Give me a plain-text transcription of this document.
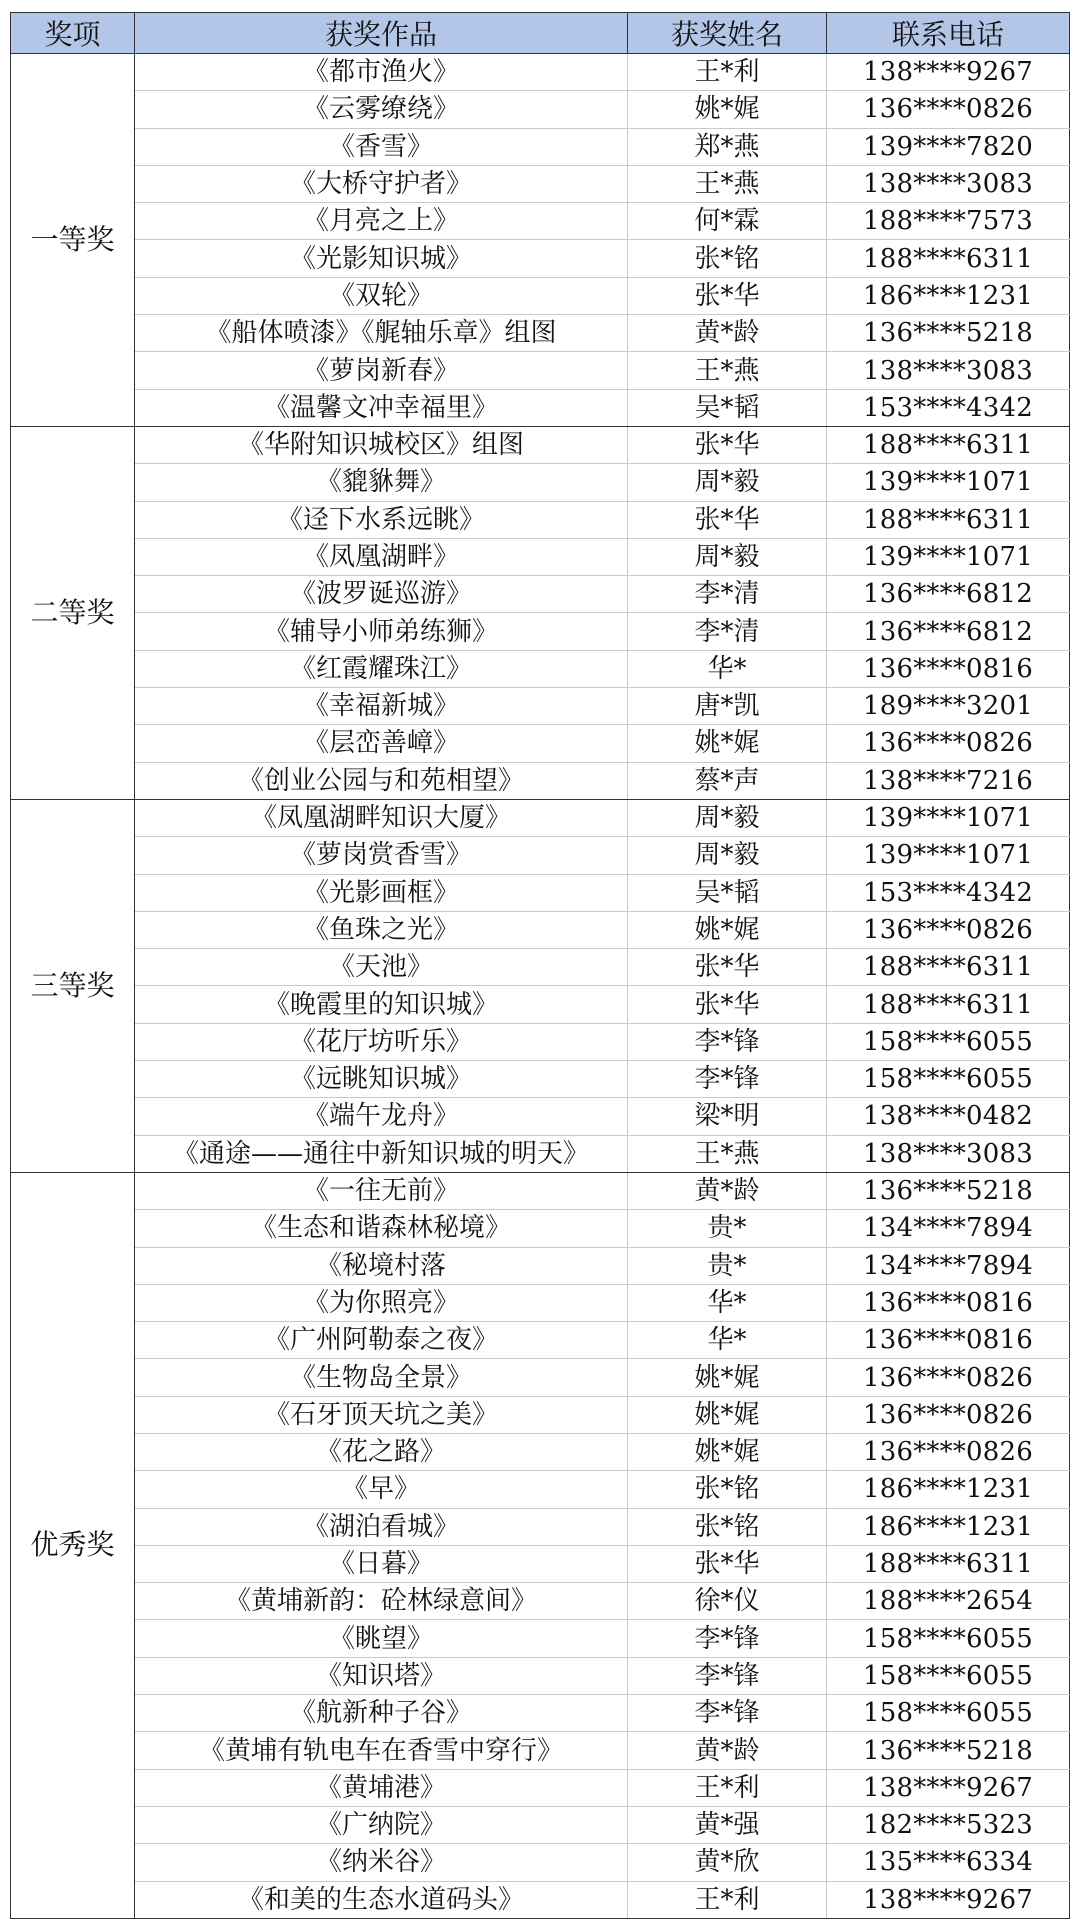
奖项	获奖作品	获奖姓名	联系电话
一等奖	《都市渔火》	王*利	138****9267
	《云雾缭绕》	姚*娓	136****0826
	《香雪》	郑*燕	139****7820
	《大桥守护者》	王*燕	138****3083
	《月亮之上》	何*霖	188****7573
	《光影知识城》	张*铭	188****6311
	《双轮》	张*华	186****1231
	《船体喷漆》《艉轴乐章》组图	黄*龄	136****5218
	《萝岗新春》	王*燕	138****3083
	《温馨文冲幸福里》	吴*韬	153****4342
二等奖	《华附知识城校区》组图	张*华	188****6311
	《貔貅舞》	周*毅	139****1071
	《迳下水系远眺》	张*华	188****6311
	《凤凰湖畔》	周*毅	139****1071
	《波罗诞巡游》	李*清	136****6812
	《辅导小师弟练狮》	李*清	136****6812
	《红霞耀珠江》	华*	136****0816
	《幸福新城》	唐*凯	189****3201
	《层峦善嶂》	姚*娓	136****0826
	《创业公园与和苑相望》	蔡*声	138****7216
三等奖	《凤凰湖畔知识大厦》	周*毅	139****1071
	《萝岗赏香雪》	周*毅	139****1071
	《光影画框》	吴*韬	153****4342
	《鱼珠之光》	姚*娓	136****0826
	《天池》	张*华	188****6311
	《晚霞里的知识城》	张*华	188****6311
	《花厅坊听乐》	李*锋	158****6055
	《远眺知识城》	李*锋	158****6055
	《端午龙舟》	梁*明	138****0482
	《通途——通往中新知识城的明天》	王*燕	138****3083
优秀奖	《一往无前》	黄*龄	136****5218
	《生态和谐森林秘境》	贵*	134****7894
	《秘境村落	贵*	134****7894
	《为你照亮》	华*	136****0816
	《广州阿勒泰之夜》	华*	136****0816
	《生物岛全景》	姚*娓	136****0826
	《石牙顶天坑之美》	姚*娓	136****0826
	《花之路》	姚*娓	136****0826
	《早》	张*铭	186****1231
	《湖泊看城》	张*铭	186****1231
	《日暮》	张*华	188****6311
	《黄埔新韵：砼林绿意间》	徐*仪	188****2654
	《眺望》	李*锋	158****6055
	《知识塔》	李*锋	158****6055
	《航新种子谷》	李*锋	158****6055
	《黄埔有轨电车在香雪中穿行》	黄*龄	136****5218
	《黄埔港》	王*利	138****9267
	《广纳院》	黄*强	182****5323
	《纳米谷》	黄*欣	135****6334
	《和美的生态水道码头》	王*利	138****9267
